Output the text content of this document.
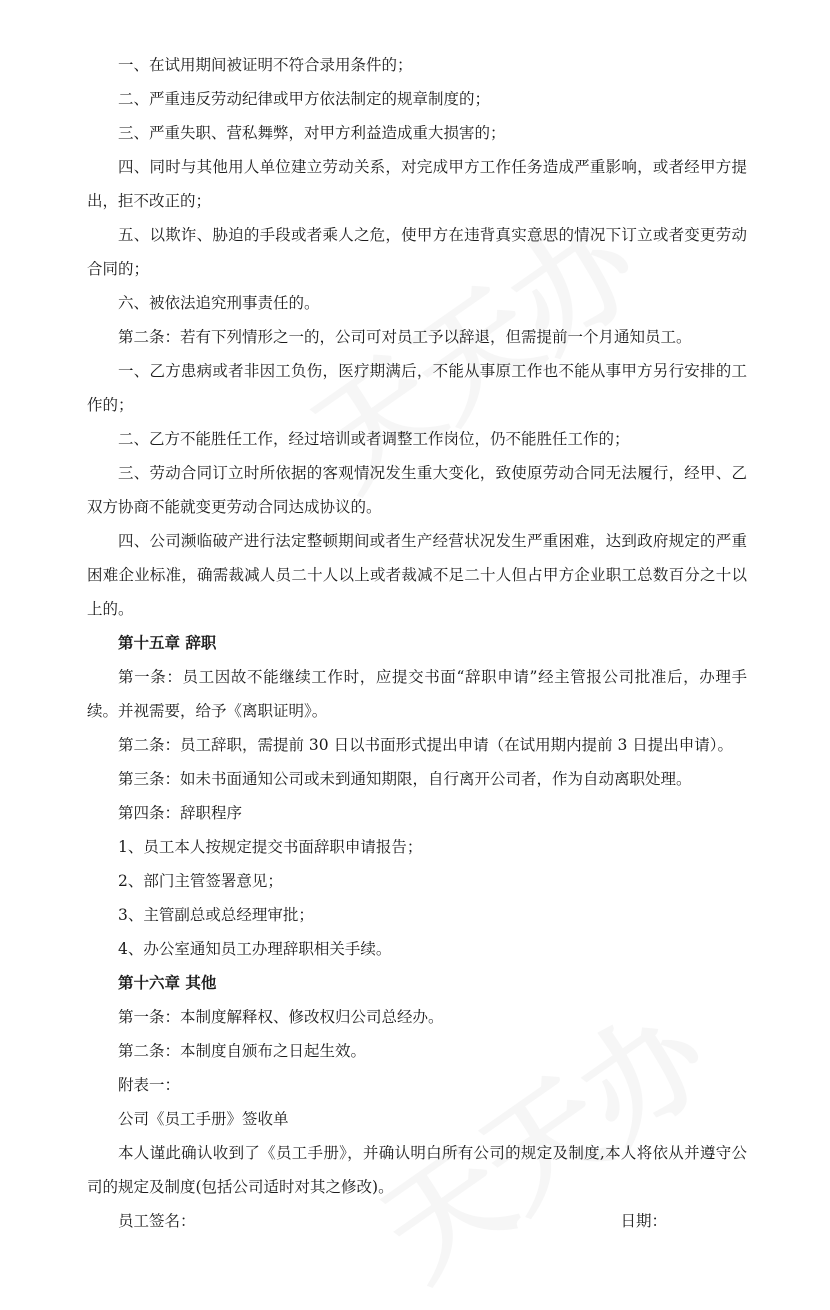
一、在试用期间被证明不符合录用条件的；

二、严重违反劳动纪律或甲方依法制定的规章制度的；

三、严重失职、营私舞弊，对甲方利益造成重大损害的；

四、同时与其他用人单位建立劳动关系，对完成甲方工作任务造成严重影响，或者经甲方提出，拒不改正的；

五、以欺诈、胁迫的手段或者乘人之危，使甲方在违背真实意思的情况下订立或者变更劳动合同的；

六、被依法追究刑事责任的。

第二条：若有下列情形之一的，公司可对员工予以辞退，但需提前一个月通知员工。

一、乙方患病或者非因工负伤，医疗期满后，不能从事原工作也不能从事甲方另行安排的工作的；

二、乙方不能胜任工作，经过培训或者调整工作岗位，仍不能胜任工作的；

三、劳动合同订立时所依据的客观情况发生重大变化，致使原劳动合同无法履行，经甲、乙双方协商不能就变更劳动合同达成协议的。

四、公司濒临破产进行法定整顿期间或者生产经营状况发生严重困难，达到政府规定的严重困难企业标准，确需裁减人员二十人以上或者裁减不足二十人但占甲方企业职工总数百分之十以上的。

第十五章 辞职

第一条：员工因故不能继续工作时，应提交书面“辞职申请”经主管报公司批准后，办理手续。并视需要，给予《离职证明》。

第二条：员工辞职，需提前 30 日以书面形式提出申请（在试用期内提前 3 日提出申请）。

第三条：如未书面通知公司或未到通知期限，自行离开公司者，作为自动离职处理。

第四条：辞职程序

1、员工本人按规定提交书面辞职申请报告；

2、部门主管签署意见；

3、主管副总或总经理审批；

4、办公室通知员工办理辞职相关手续。

第十六章 其他

第一条：本制度解释权、修改权归公司总经办。

第二条：本制度自颁布之日起生效。

附表一：

公司《员工手册》签收单

本人谨此确认收到了《员工手册》，并确认明白所有公司的规定及制度,本人将依从并遵守公司的规定及制度(包括公司适时对其之修改)。

员工签名：	日期：
